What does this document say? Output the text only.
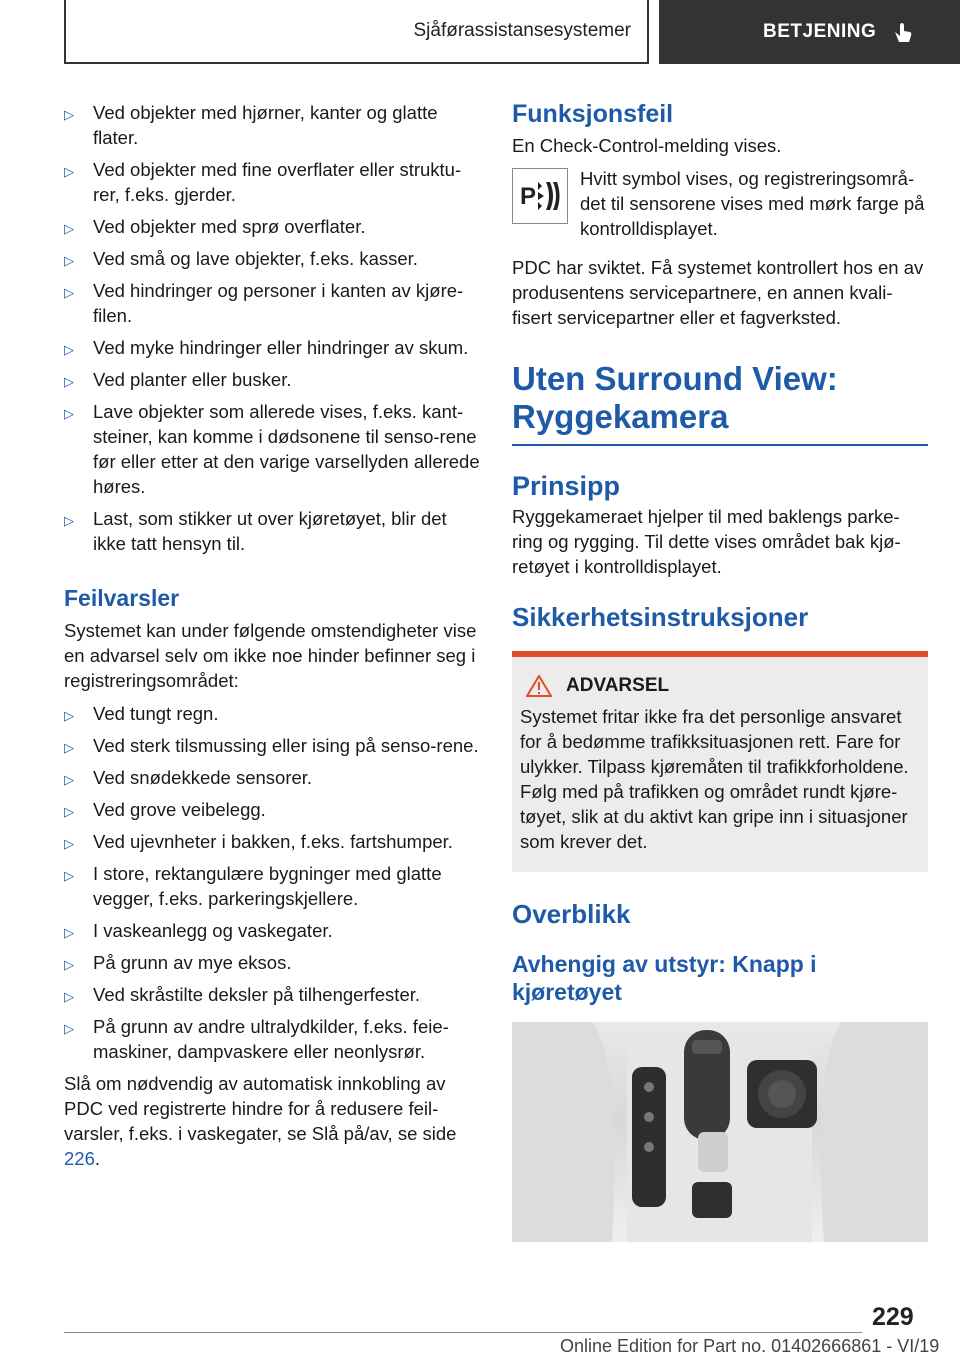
Sjåførassistansesystemer	BETJENING
▷ Ved objekter med hjørner, kanter og glatte flater.
▷ Ved objekter med fine overflater eller struktu‐rer, f.eks. gjerder.
▷ Ved objekter med sprø overflater.
▷ Ved små og lave objekter, f.eks. kasser.
▷ Ved hindringer og personer i kanten av kjøre‐filen.
▷ Ved myke hindringer eller hindringer av skum.
▷ Ved planter eller busker.
▷ Lave objekter som allerede vises, f.eks. kant‐steiner, kan komme i dødsonene til senso‐rene før eller etter at den varige varsellyden allerede høres.
▷ Last, som stikker ut over kjøretøyet, blir det ikke tatt hensyn til.
Feilvarsler

Systemet kan under følgende omstendigheter vise en advarsel selv om ikke noe hinder befinner seg i registreringsområdet:

▷ Ved tungt regn.
▷ Ved sterk tilsmussing eller ising på senso‐rene.
▷ Ved snødekkede sensorer.
▷ Ved grove veibelegg.
▷ Ved ujevnheter i bakken, f.eks. fartshumper.
▷ I store, rektangulære bygninger med glatte vegger, f.eks. parkeringskjellere.
▷ I vaskeanlegg og vaskegater.
▷ På grunn av mye eksos.
▷ Ved skråstilte deksler på tilhengerfester.
▷ På grunn av andre ultralydkilder, f.eks. feie‐maskiner, dampvaskere eller neonlysrør.

Slå om nødvendig av automatisk innkobling av PDC ved registrerte hindre for å redusere feil‐varsler, f.eks. i vaskegater, se Slå på/av, se side 226.

Funksjonsfeil

En Check-Control-melding vises.

P

Hvitt symbol vises, og registreringsområ‐det til sensorene vises med mørk farge på kontrolldisplayet.

PDC har sviktet. Få systemet kontrollert hos en av produsentens servicepartnere, en annen kvali‐fisert servicepartner eller et fagverksted.

Uten Surround View: Ryggekamera
Prinsipp

Ryggekameraet hjelper til med baklengs parke‐ring og rygging. Til dette vises området bak kjø‐retøyet i kontrolldisplayet.

Sikkerhetsinstruksjoner
ADVARSEL

Systemet fritar ikke fra det personlige ansvaret for å bedømme trafikksituasjonen rett. Fare for ulykker. Tilpass kjøremåten til trafikkforholdene. Følg med på trafikken og området rundt kjøre‐tøyet, slik at du aktivt kan gripe inn i situasjoner som krever det.

Overblikk
Avhengig av utstyr: Knapp i kjøretøyet
229
Online Edition for Part no. 01402666861 - VI/19
